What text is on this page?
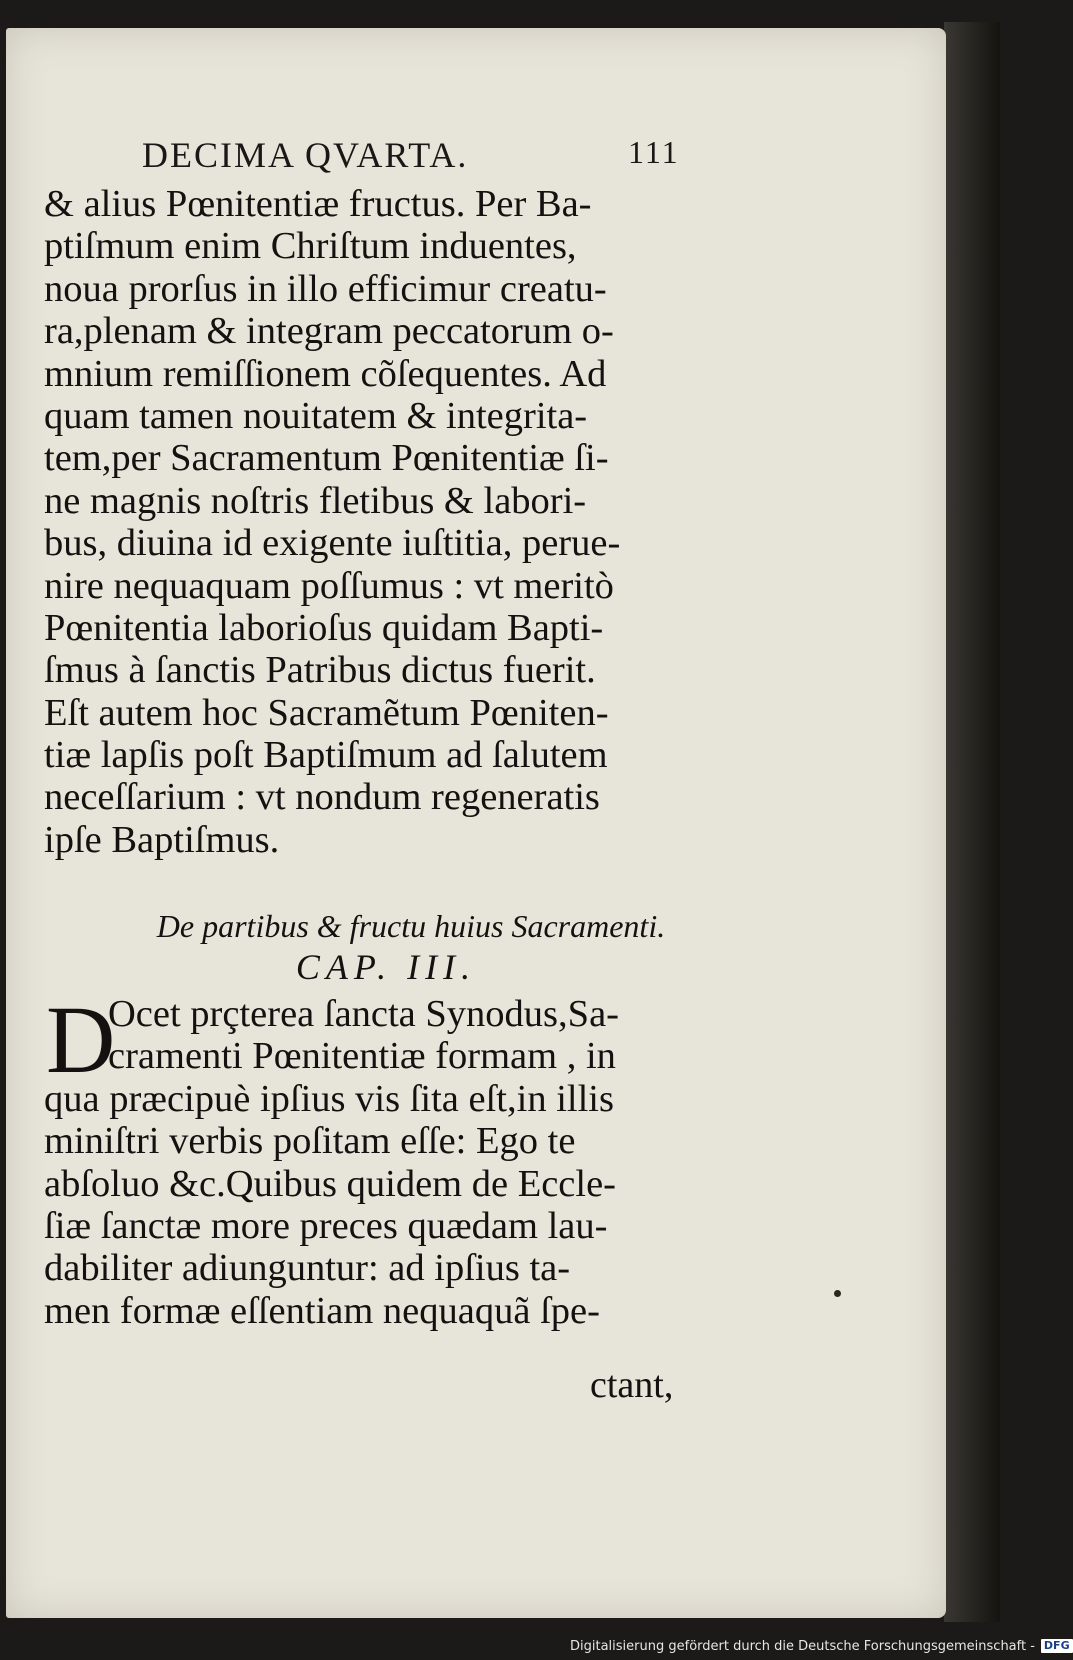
DECIMA QVARTA.	111
& alius Pœnitentiæ fructus. Per Ba-
ptiſmum enim Chriſtum induentes,
noua prorſus in illo efficimur creatu-
ra,plenam & integram peccatorum o-
mnium remiſſionem cõſequentes. Ad
quam tamen nouitatem & integrita-
tem,per Sacramentum Pœnitentiæ ſi-
ne magnis noſtris fletibus & labori-
bus, diuina id exigente iuſtitia, perue-
nire nequaquam poſſumus : vt meritò
Pœnitentia laborioſus quidam Bapti-
ſmus à ſanctis Patribus dictus fuerit.
Eſt autem hoc Sacramẽtum Pœniten-
tiæ lapſis poſt Baptiſmum ad ſalutem
neceſſarium : vt nondum regeneratis
ipſe Baptiſmus.
De partibus & fructu huius Sacramenti.
CAP. III.
D
Ocet prçterea ſancta Synodus,Sa-
cramenti Pœnitentiæ formam , in
qua præcipuè ipſius vis ſita eſt,in illis
miniſtri verbis poſitam eſſe: Ego te
abſoluo &c.Quibus quidem de Eccle-
ſiæ ſanctæ more preces quædam lau-
dabiliter adiunguntur: ad ipſius ta-
men formæ eſſentiam nequaquã ſpe-
ctant,
Digitalisierung gefördert durch die Deutsche Forschungsgemeinschaft - DFG
